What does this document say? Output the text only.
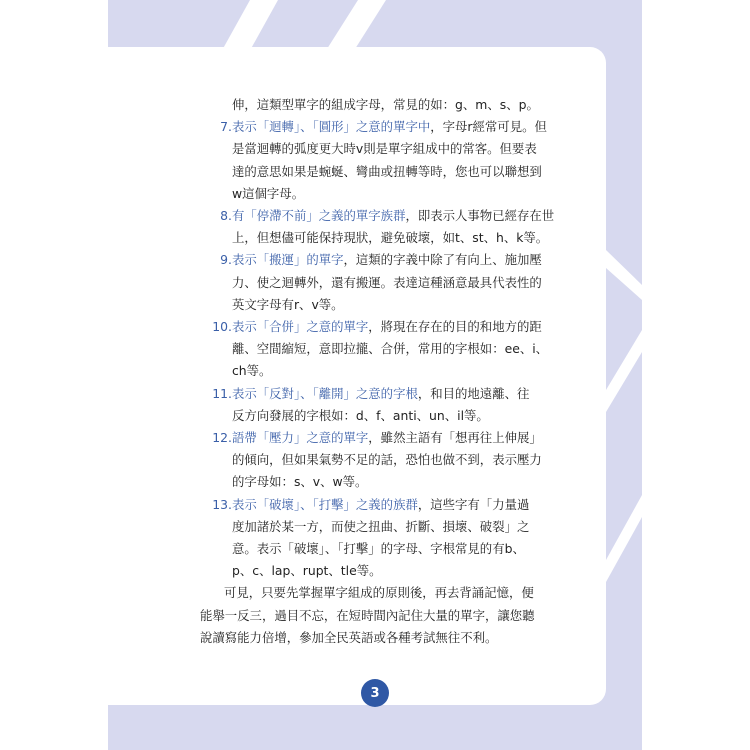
伸，這類型單字的組成字母，常見的如：g、m、s、p。

7. 表示「迴轉」、「圓形」之意的單字中，字母r經常可見。但

是當迴轉的弧度更大時v則是單字組成中的常客。但要表

達的意思如果是蜿蜒、彎曲或扭轉等時，您也可以聯想到

w這個字母。

8. 有「停滯不前」之義的單字族群，即表示人事物已經存在世

上，但想儘可能保持現狀，避免破壞，如t、st、h、k等。

9. 表示「搬運」的單字，這類的字義中除了有向上、施加壓

力、使之迴轉外，還有搬運。表達這種涵意最具代表性的

英文字母有r、v等。

10. 表示「合併」之意的單字，將現在存在的目的和地方的距

離、空間縮短，意即拉攏、合併，常用的字根如：ee、i、

ch等。

11. 表示「反對」、「離開」之意的字根，和目的地遠離、往

反方向發展的字根如：d、f、anti、un、il等。

12. 語帶「壓力」之意的單字，雖然主語有「想再往上伸展」

的傾向，但如果氣勢不足的話，恐怕也做不到，表示壓力

的字母如：s、v、w等。

13. 表示「破壞」、「打擊」之義的族群，這些字有「力量過

度加諸於某一方，而使之扭曲、折斷、損壞、破裂」之

意。表示「破壞」、「打擊」的字母、字根常見的有b、

p、c、lap、rupt、tle等。

可見，只要先掌握單字組成的原則後，再去背誦記憶，便

能舉一反三，過目不忘，在短時間內記住大量的單字，讓您聽

說讀寫能力倍增，參加全民英語或各種考試無往不利。

3
